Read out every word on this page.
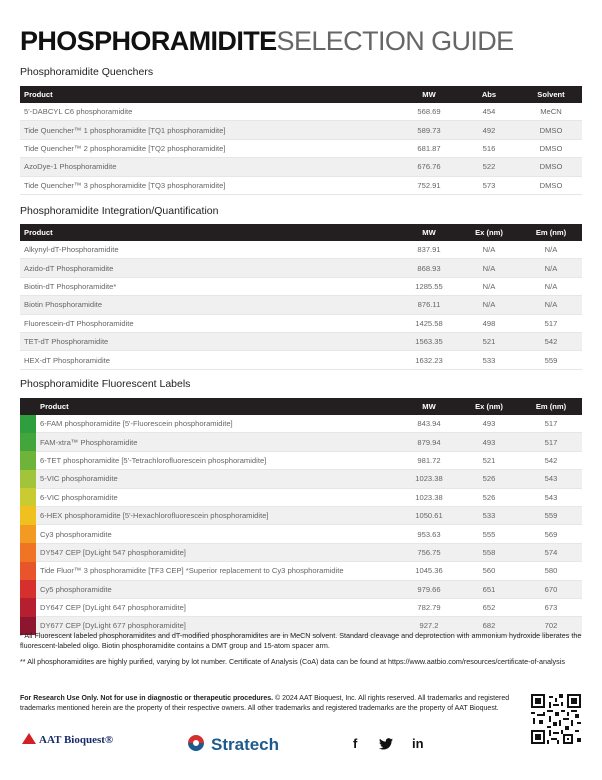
PHOSPHORAMIDITESELECTION GUIDE
Phosphoramidite Quenchers
Product	MW	Abs	Solvent
5'-DABCYL C6 phosphoramidite	568.69	454	MeCN
Tide Quencher™ 1 phosphoramidite [TQ1 phosphoramidite]	589.73	492	DMSO
Tide Quencher™ 2 phosphoramidite [TQ2 phosphoramidite]	681.87	516	DMSO
AzoDye-1 Phosphoramidite	676.76	522	DMSO
Tide Quencher™ 3 phosphoramidite [TQ3 phosphoramidite]	752.91	573	DMSO
Phosphoramidite Integration/Quantification
Product	MW	Ex (nm)	Em (nm)
Alkynyl-dT-Phosphoramidite	837.91	N/A	N/A
Azido-dT Phosphoramidite	868.93	N/A	N/A
Biotin-dT Phosphoramidite*	1285.55	N/A	N/A
Biotin Phosphoramidite	876.11	N/A	N/A
Fluorescein-dT Phosphoramidite	1425.58	498	517
TET-dT Phosphoramidite	1563.35	521	542
HEX-dT Phosphoramidite	1632.23	533	559
Phosphoramidite Fluorescent Labels
	Product	MW	Ex (nm)	Em (nm)
	6-FAM phosphoramidite [5'-Fluorescein phosphoramidite]	843.94	493	517
	FAM-xtra™ Phosphoramidite	879.94	493	517
	6-TET phosphoramidite [5'-Tetrachlorofluorescein phosphoramidite]	981.72	521	542
	5-VIC phosphoramidite	1023.38	526	543
	6-VIC phosphoramidite	1023.38	526	543
	6-HEX phosphoramidite [5'-Hexachlorofluorescein phosphoramidite]	1050.61	533	559
	Cy3 phosphoramidite	953.63	555	569
	DY547 CEP [DyLight 547 phosphoramidite]	756.75	558	574
	Tide Fluor™ 3 phosphoramidite [TF3 CEP] *Superior replacement to Cy3 phosphoramidite	1045.36	560	580
	Cy5 phosphoramidite	979.66	651	670
	DY647 CEP [DyLight 647 phosphoramidite]	782.79	652	673
	DY677 CEP [DyLight 677 phosphoramidite]	927.2	682	702
* All Fluorescent labeled phosphoramidites and dT-modified phosphoramidites are in MeCN solvent. Standard cleavage and deprotection with ammonium hydroxide liberates the fluorescent-labeled oligo. Biotin phosphoramidite contains a DMT group and 15-atom spacer arm.
** All phosphoramidites are highly purified, varying by lot number. Certificate of Analysis (CoA) data can be found at https://www.aatbio.com/resources/certificate-of-analysis
For Research Use Only. Not for use in diagnostic or therapeutic procedures. © 2024 AAT Bioquest, Inc. All rights reserved. All trademarks and registered trademarks mentioned herein are the property of their respective owners. All other trademarks and registered trademarks are the property of AAT Bioquest.
AAT Bioquest®	Stratech	f	in
